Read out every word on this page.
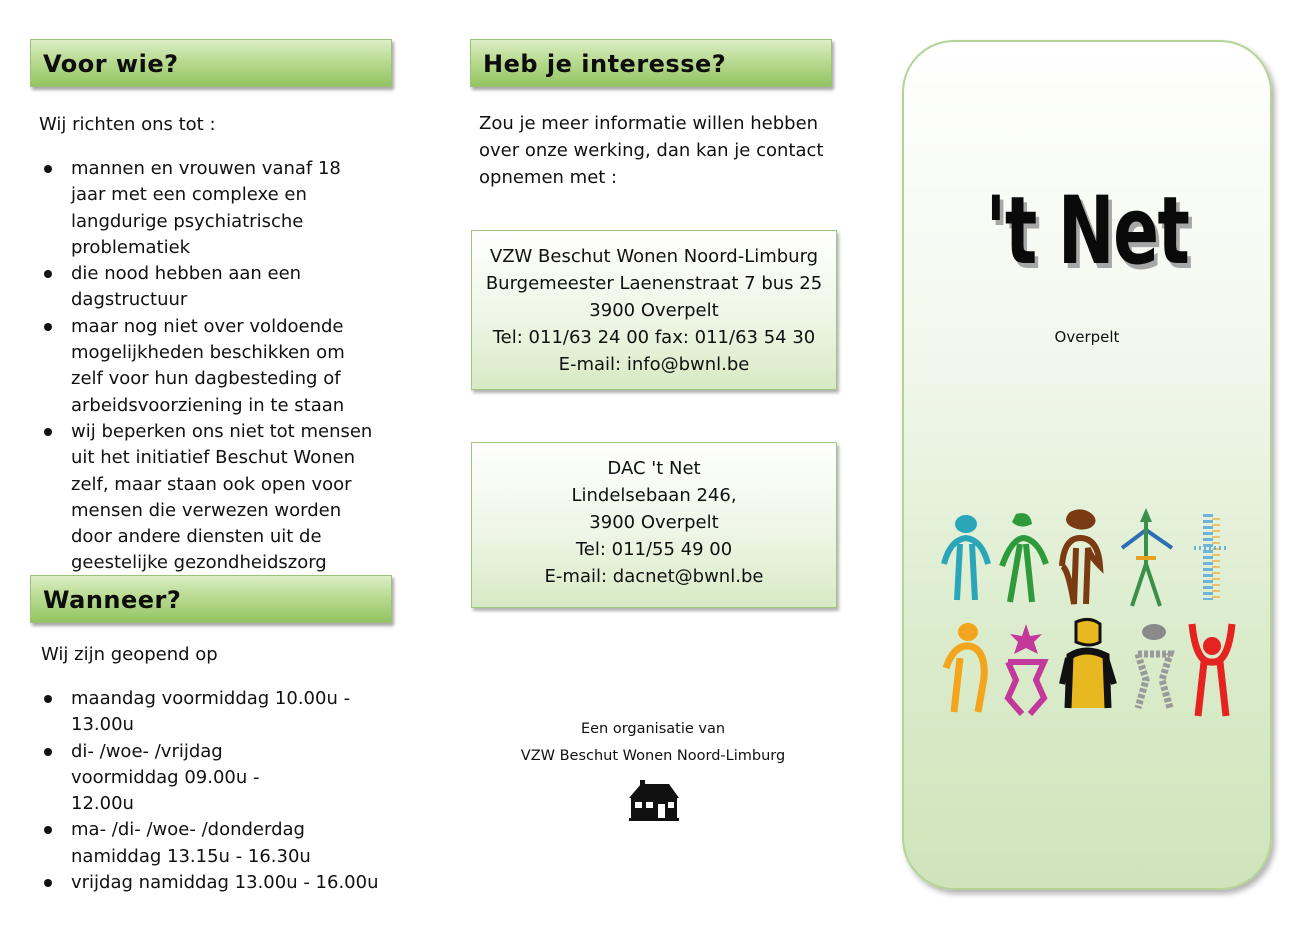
Voor wie?
Wij richten ons tot :
mannen en vrouwen vanaf 18 jaar met een complexe en langdurige psychiatrische problematiek
die nood hebben aan een dagstructuur
maar nog niet over voldoende mogelijkheden beschikken om zelf voor hun dagbesteding of arbeidsvoorziening in te staan
wij beperken ons niet tot mensen uit het initiatief Beschut Wonen zelf, maar staan ook open voor mensen die verwezen worden door andere diensten uit de geestelijke gezondheidszorg
Wanneer?
Wij zijn geopend op
maandag voormiddag 10.00u - 13.00u
di- /woe- /vrijdag voormiddag 09.00u - 12.00u
ma- /di- /woe- /donderdag namiddag 13.15u - 16.30u
vrijdag namiddag 13.00u - 16.00u
Heb je interesse?
Zou je meer informatie willen hebben over onze werking, dan kan je contact opnemen met :
VZW Beschut Wonen Noord-Limburg
Burgemeester Laenenstraat 7 bus 25
3900 Overpelt
Tel: 011/63 24 00 fax: 011/63 54 30
E-mail: info@bwnl.be
DAC 't Net
Lindelsebaan 246,
3900 Overpelt
Tel: 011/55 49 00
E-mail: dacnet@bwnl.be
Een organisatie van
VZW Beschut Wonen Noord-Limburg
't Net
Overpelt
